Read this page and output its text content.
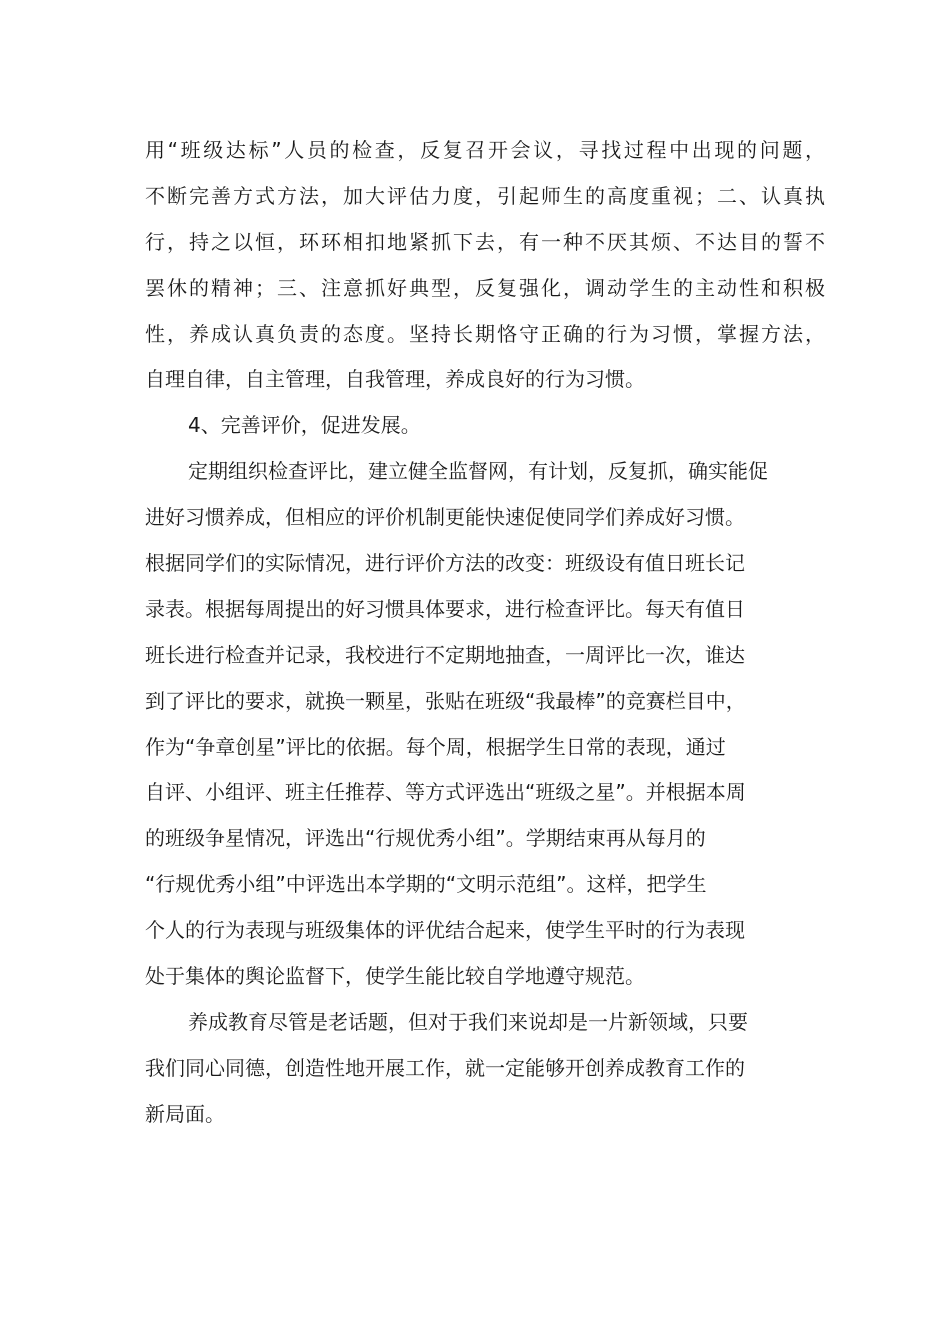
用“班级达标”人员的检查，反复召开会议，寻找过程中出现的问题，
不断完善方式方法，加大评估力度，引起师生的高度重视；二、认真执
行，持之以恒，环环相扣地紧抓下去，有一种不厌其烦、不达目的誓不
罢休的精神；三、注意抓好典型，反复强化，调动学生的主动性和积极
性，养成认真负责的态度。坚持长期恪守正确的行为习惯，掌握方法，
自理自律，自主管理，自我管理，养成良好的行为习惯。
4、完善评价，促进发展。
定期组织检查评比，建立健全监督网，有计划，反复抓，确实能促
进好习惯养成，但相应的评价机制更能快速促使同学们养成好习惯。
根据同学们的实际情况，进行评价方法的改变：班级设有值日班长记
录表。根据每周提出的好习惯具体要求，进行检查评比。每天有值日
班长进行检查并记录，我校进行不定期地抽查，一周评比一次，谁达
到了评比的要求，就换一颗星，张贴在班级“我最棒”的竞赛栏目中，
作为“争章创星”评比的依据。每个周，根据学生日常的表现，通过
自评、小组评、班主任推荐、等方式评选出“班级之星”。并根据本周
的班级争星情况，评选出“行规优秀小组”。学期结束再从每月的
“行规优秀小组”中评选出本学期的“文明示范组”。这样，把学生
个人的行为表现与班级集体的评优结合起来，使学生平时的行为表现
处于集体的舆论监督下，使学生能比较自学地遵守规范。
养成教育尽管是老话题，但对于我们来说却是一片新领域，只要
我们同心同德，创造性地开展工作，就一定能够开创养成教育工作的
新局面。
